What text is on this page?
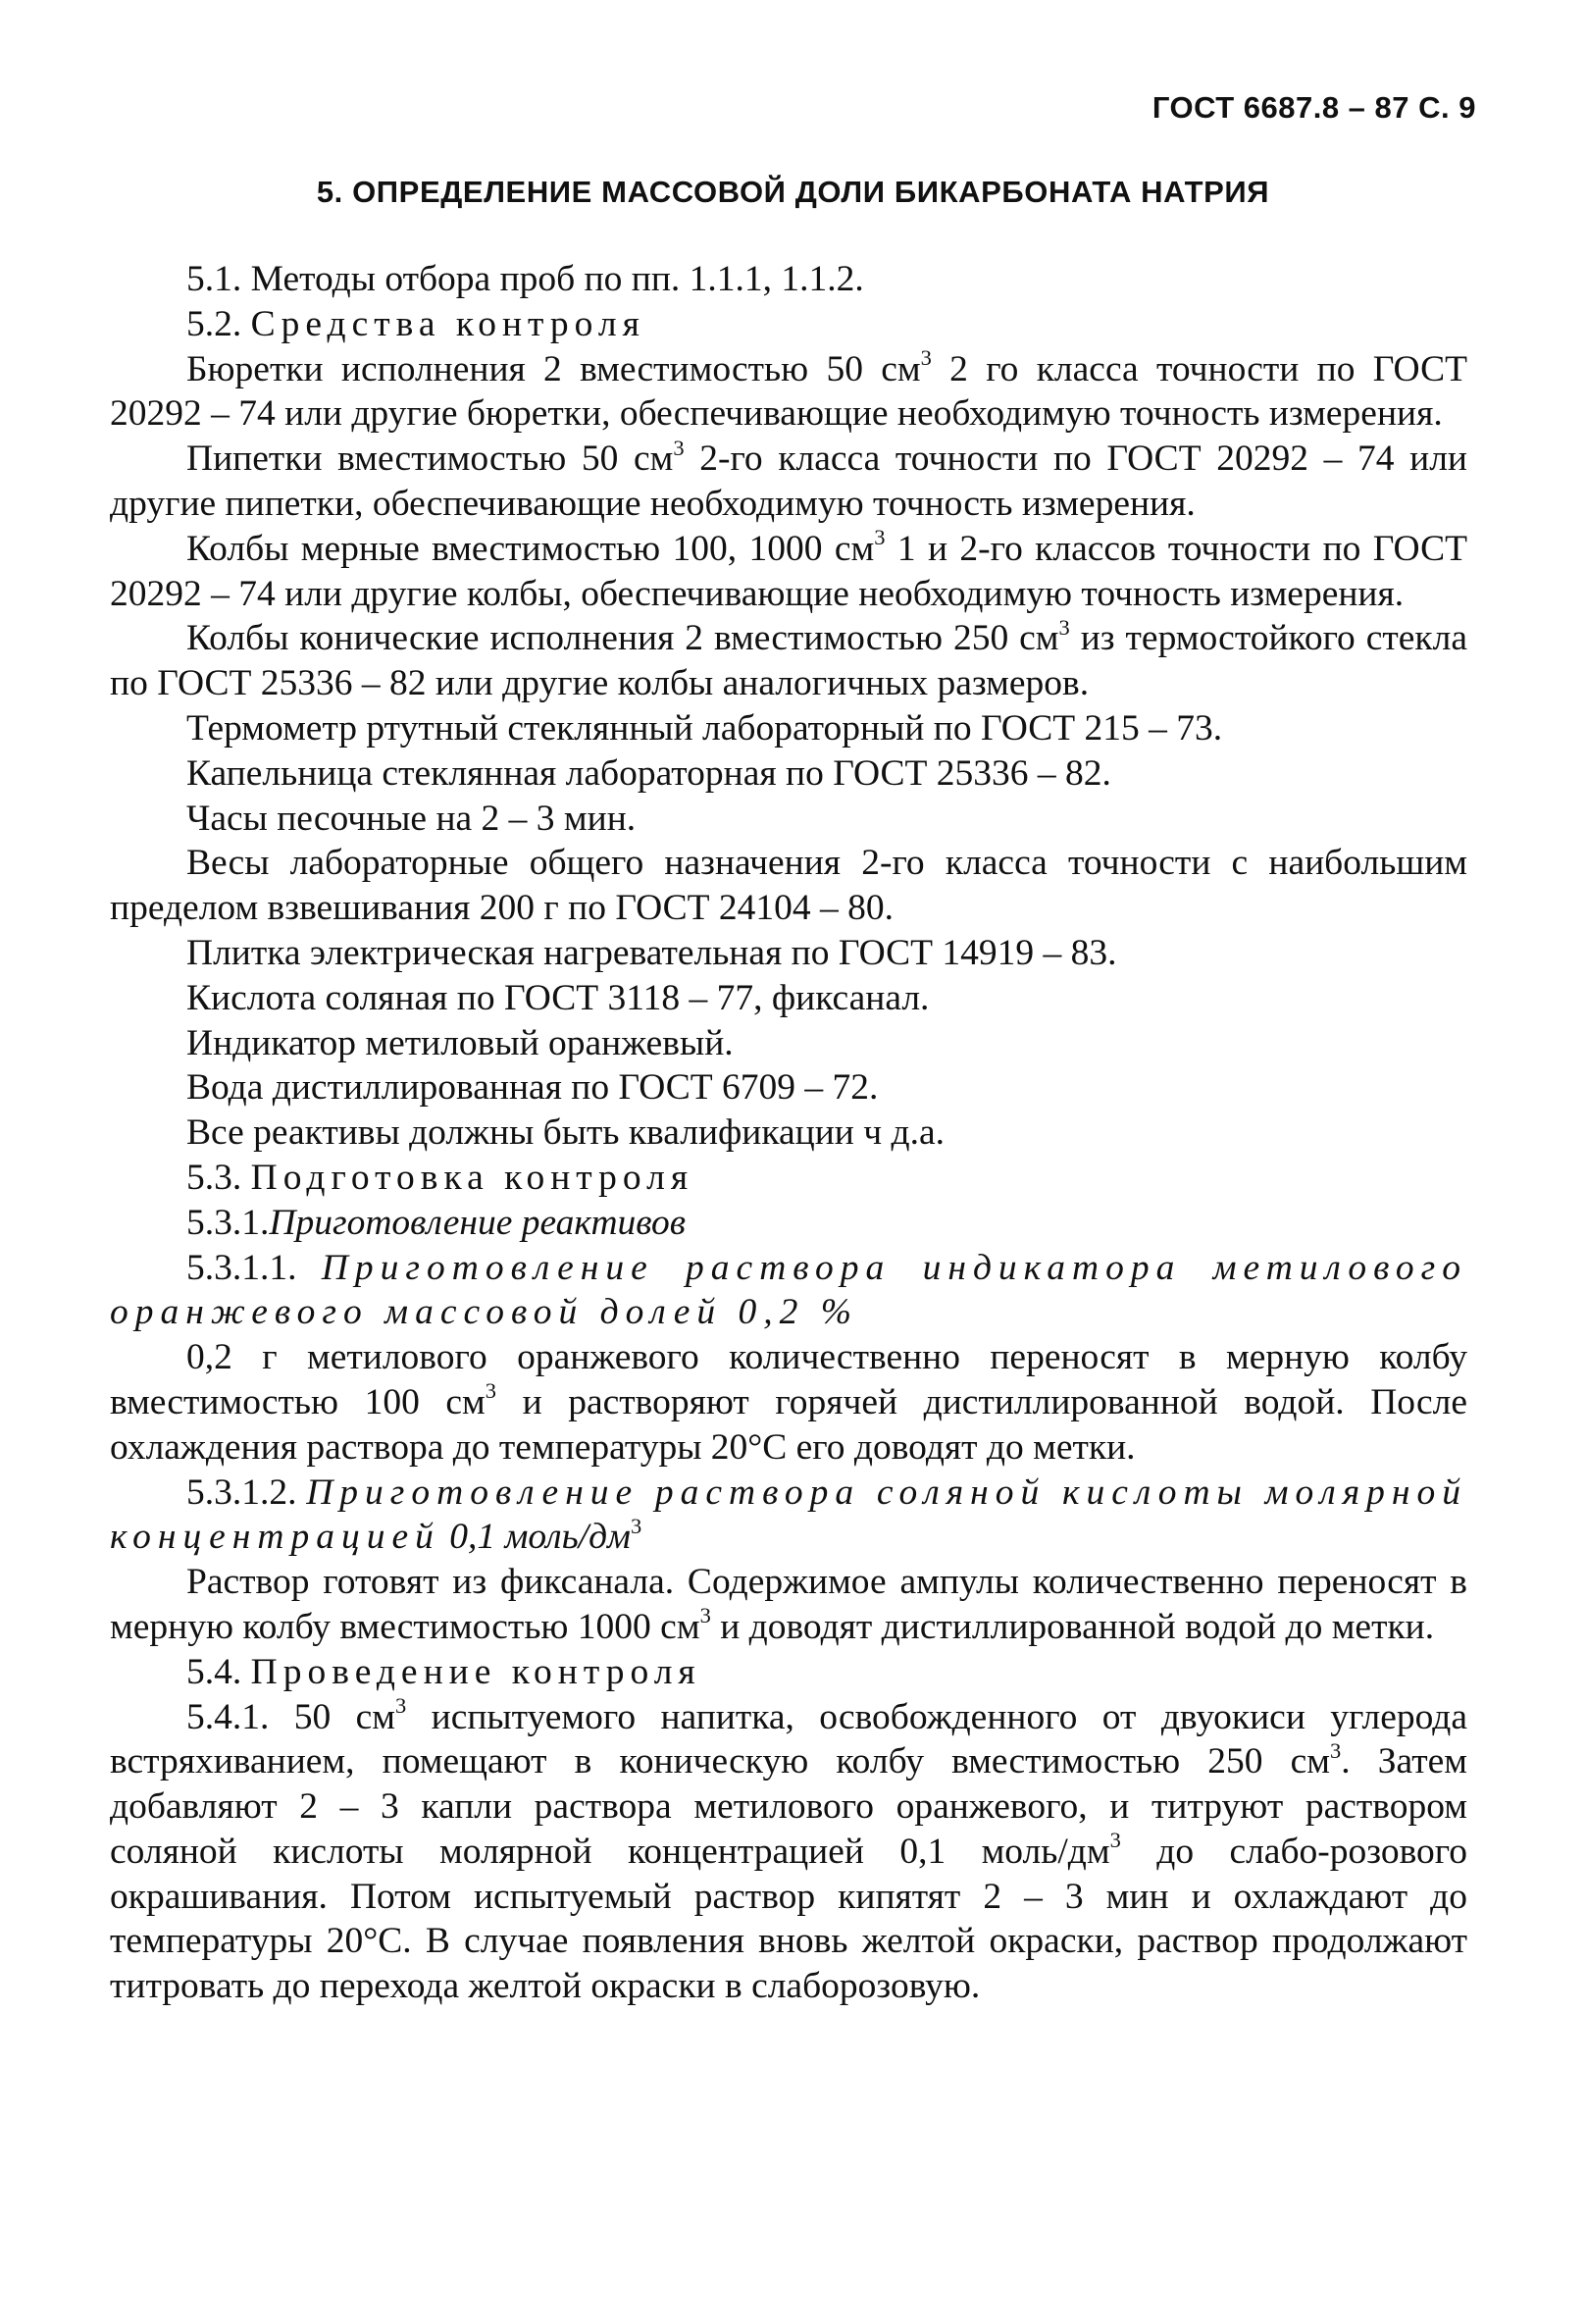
ГОСТ 6687.8 – 87 С. 9
5. ОПРЕДЕЛЕНИЕ МАССОВОЙ ДОЛИ БИКАРБОНАТА НАТРИЯ

5.1. Методы отбора проб по пп. 1.1.1, 1.1.2.

5.2. Средства контроля

Бюретки исполнения 2 вместимостью 50 $см^3$ 2 го класса точности по ГОСТ 20292 – 74 или другие бюретки, обеспечивающие необходимую точность измерения.

Пипетки вместимостью 50 $см^3$ 2-го класса точности по ГОСТ 20292 – 74 или другие пипетки, обеспечивающие необходимую точность измерения.

Колбы мерные вместимостью 100, 1000 $см^3$ 1 и 2-го классов точности по ГОСТ 20292 – 74 или другие колбы, обеспечивающие необходимую точность измерения.

Колбы конические исполнения 2 вместимостью 250 $см^3$ из термостойкого стекла по ГОСТ 25336 – 82 или другие колбы аналогичных размеров.

Термометр ртутный стеклянный лабораторный по ГОСТ 215 – 73.

Капельница стеклянная лабораторная по ГОСТ 25336 – 82.

Часы песочные на 2 – 3 мин.

Весы лабораторные общего назначения 2-го класса точности с наибольшим пределом взвешивания 200 г по ГОСТ 24104 – 80.

Плитка электрическая нагревательная по ГОСТ 14919 – 83.

Кислота соляная по ГОСТ 3118 – 77, фиксанал.

Индикатор метиловый оранжевый.

Вода дистиллированная по ГОСТ 6709 – 72.

Все реактивы должны быть квалификации ч д.а.

5.3. Подготовка контроля

5.3.1.Приготовление реактивов

5.3.1.1. Приготовление раствора индикатора метилового оранжевого массовой долей 0,2 %

0,2 г метилового оранжевого количественно переносят в мерную колбу вместимостью 100 $см^3$ и растворяют горячей дистиллированной водой. После охлаждения раствора до температуры 20°С его доводят до метки.

5.3.1.2. Приготовление раствора соляной кислоты молярной концентрацией 0,1 моль/$дм^3$

Раствор готовят из фиксанала. Содержимое ампулы количественно переносят в мерную колбу вместимостью 1000 $см^3$ и доводят дистиллированной водой до метки.

5.4. Проведение контроля

5.4.1. 50 $см^3$ испытуемого напитка, освобожденного от двуокиси углерода встряхиванием, помещают в коническую колбу вместимостью 250 $см^3$. Затем добавляют 2 – 3 капли раствора метилового оранжевого, и титруют раствором соляной кислоты молярной концентрацией 0,1 моль/$дм^3$ до слабо-розового окрашивания. Потом испытуемый раствор кипятят 2 – 3 мин и охлаждают до температуры 20°С. В случае появления вновь желтой окраски, раствор продолжают титровать до перехода желтой окраски в слаборозовую.
